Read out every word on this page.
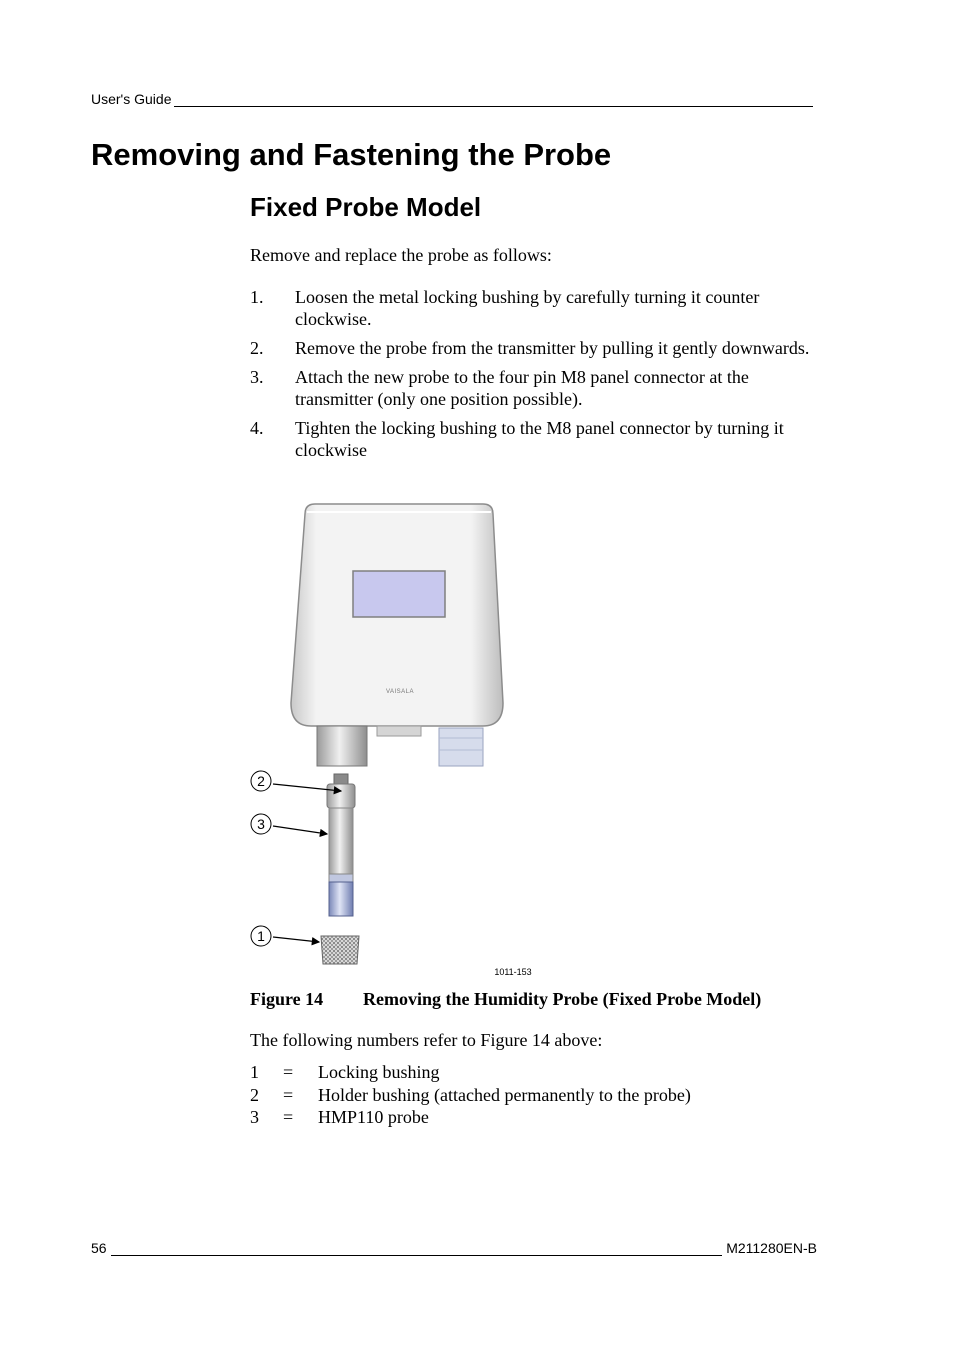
User's Guide
Removing and Fastening the Probe
Fixed Probe Model

Remove and replace the probe as follows:

1.	Loosen the metal locking bushing by carefully turning it counter clockwise.
2.	Remove the probe from the transmitter by pulling it gently downwards.
3.	Attach the new probe to the four pin M8 panel connector at the transmitter (only one position possible).
4.	Tighten the locking bushing to the M8 panel connector by turning it clockwise
VAISALA
2
3
1
1011-153
Figure 14 Removing the Humidity Probe (Fixed Probe Model)

The following numbers refer to Figure 14 above:

1	=	Locking bushing
2	=	Holder bushing (attached permanently to the probe)
3	=	HMP110 probe
56	M211280EN-B
